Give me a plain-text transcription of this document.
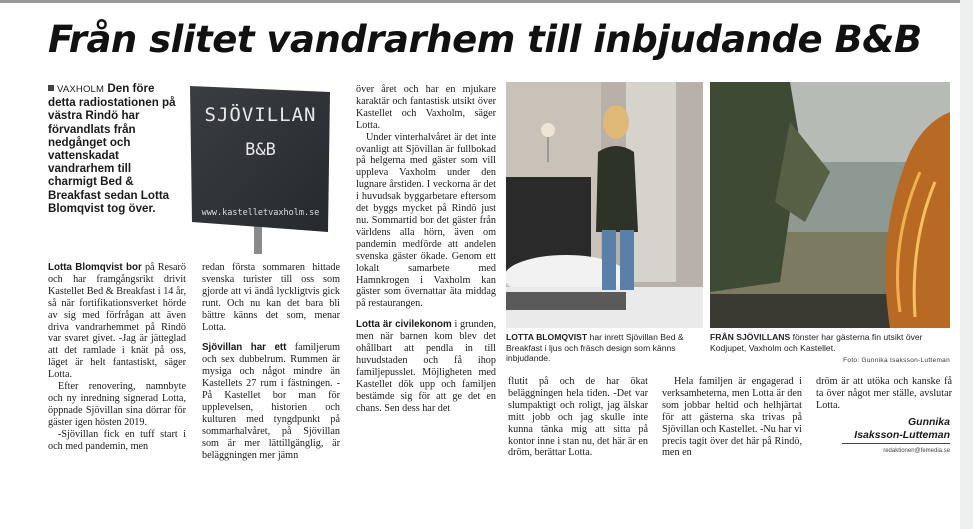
Från slitet vandrarhem till inbjudande B&B
VAXHOLM Den före detta radiostationen på västra Rindö har förvandlats från nedgånget och vattenskadat vandrarhem till charmigt Bed & Breakfast sedan Lotta Blomqvist tog över.
SJÖVILLAN
B&B
www.kastelletvaxholm.se

Lotta Blomqvist bor på Resarö och har framgångsrikt drivit Kastellet Bed & Breakfast i 14 år, så när fortifikationsverket hörde av sig med förfrågan att även driva vandrarhemmet på Rindö var svaret givet. -Jag är jätteglad att det ramlade i knät på oss, läget är helt fantastiskt, säger Lotta.

Efter renovering, namnbyte och ny inredning signerad Lotta, öppnade Sjövillan sina dörrar för gäster igen hösten 2019.

-Sjövillan fick en tuff start i och med pandemin, men

redan första sommaren hittade svenska turister till oss som gjorde att vi ändå lyckligtvis gick runt. Och nu kan det bara bli bättre känns det som, menar Lotta.

Sjövillan har ett familjerum och sex dubbelrum. Rummen är mysiga och något mindre än Kastellets 27 rum i fästningen. -På Kastellet bor man för upplevelsen, historien och kulturen med tyngdpunkt på sommarhalvåret, på Sjövillan som är mer lättillgänglig, är beläggningen mer jämn

över året och har en mjukare karaktär och fantastisk utsikt över Kastellet och Vaxholm, säger Lotta.

Under vinterhalvåret är det inte ovanligt att Sjövillan är fullbokad på helgerna med gäster som vill uppleva Vaxholm under den lugnare årstiden. I veckorna är det i huvudsak byggarbetare eftersom det byggs mycket på Rindö just nu. Sommartid bor det gäster från världens alla hörn, även om pandemin medförde att andelen svenska gäster ökade. Genom ett lokalt samarbete med Hamnkrogen i Vaxholm kan gäster som övernattar äta middag på restaurangen.

Lotta är civilekonom i grunden, men när barnen kom blev det ohållbart att pendla in till huvudstaden och få ihop familjepusslet. Möjligheten med Kastellet dök upp och familjen bestämde sig för att ge det en chans. Sen dess har det

LOTTA BLOMQVIST har inrett Sjövillan Bed & Breakfast i ljus och fräsch design som känns inbjudande.
FRÅN SJÖVILLANS fönster har gästerna fin utsikt över Kodjupet, Vaxholm och Kastellet.
Foto: Gunnika Isaksson-Lutteman

flutit på och de har ökat beläggningen hela tiden. -Det var slumpaktigt och roligt, jag älskar mitt jobb och jag skulle inte kunna tänka mig att sitta på kontor inne i stan nu, det här är en dröm, berättar Lotta.

Hela familjen är engagerad i verksamheterna, men Lotta är den som jobbar heltid och helhjärtat för att gästerna ska trivas på Sjövillan och Kastellet. -Nu har vi precis tagit över det här på Rindö, men en

dröm är att utöka och kanske få ta över något mer ställe, avslutar Lotta.

Gunnika
Isaksson-Lutteman
redaktionen@femedia.se
